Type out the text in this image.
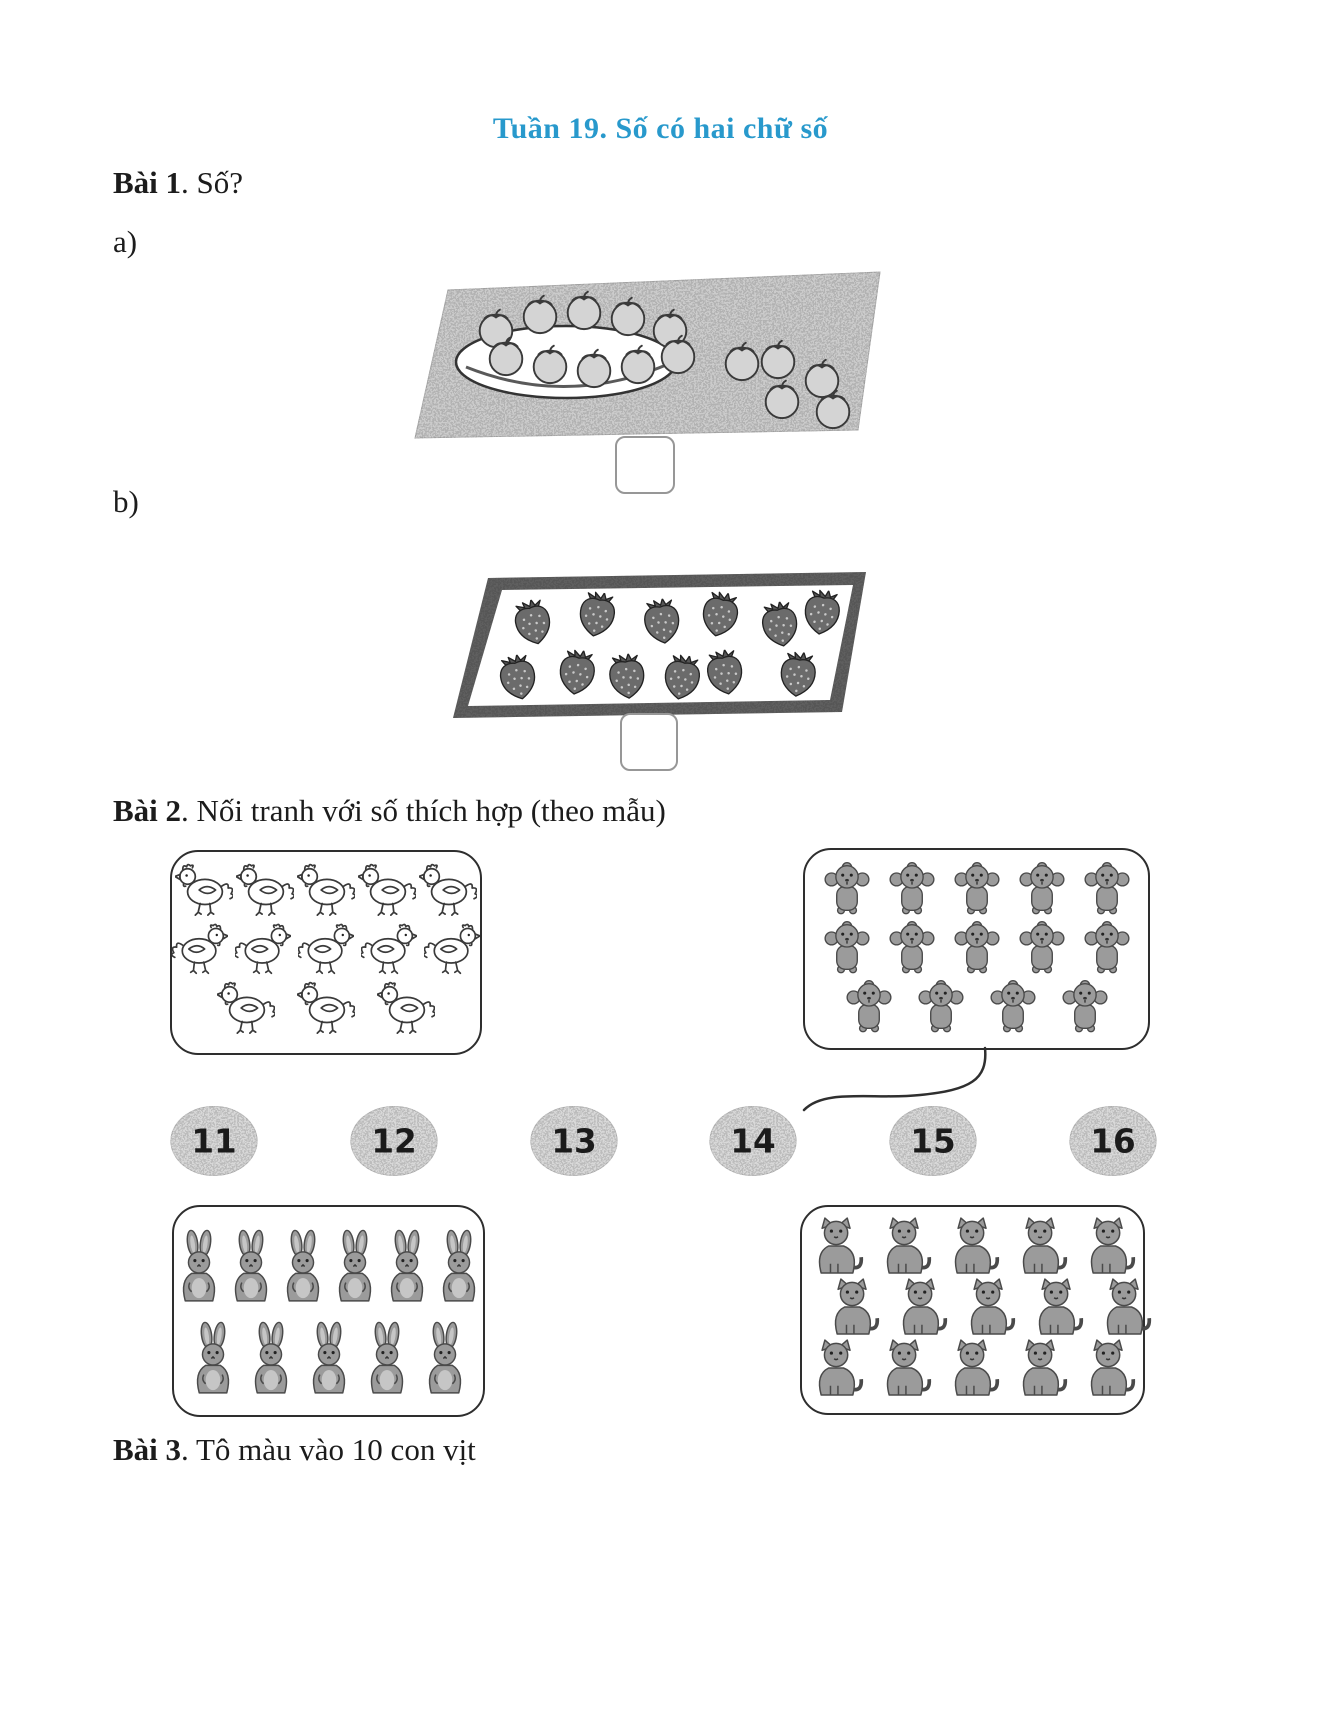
Tuần 19. Số có hai chữ số
Bài 1. Số?
a)
b)
Bài 2. Nối tranh với số thích hợp (theo mẫu)
11	12	13	14	15	16
Bài 3. Tô màu vào 10 con vịt
